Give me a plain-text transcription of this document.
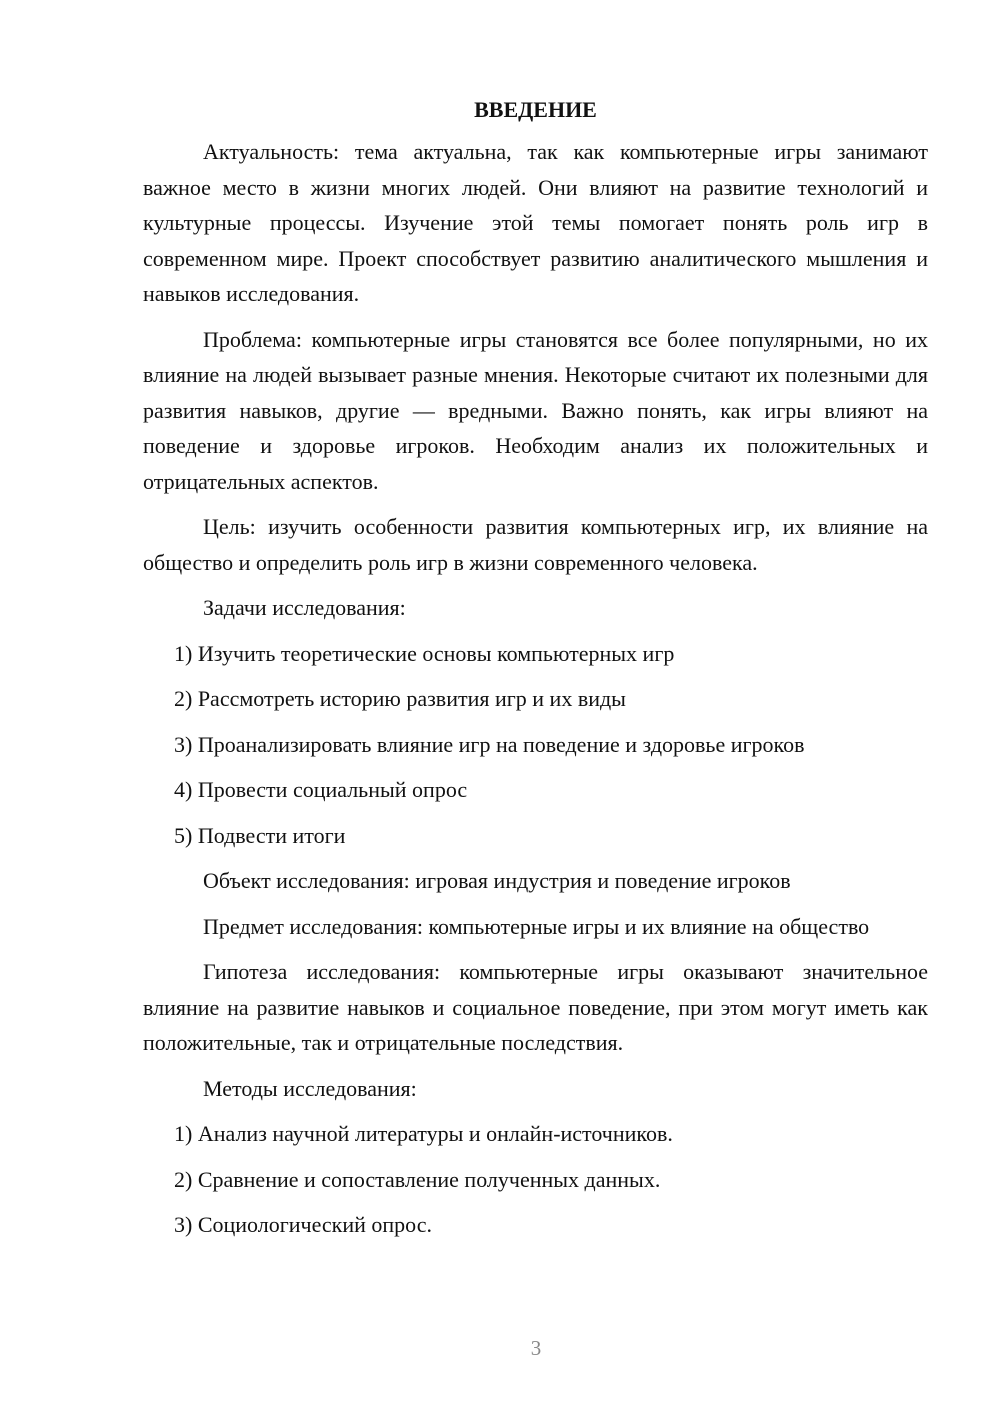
ВВЕДЕНИЕ

Актуальность: тема актуальна, так как компьютерные игры занимают важное место в жизни многих людей. Они влияют на развитие технологий и культурные процессы. Изучение этой темы помогает понять роль игр в современном мире. Проект способствует развитию аналитического мышления и навыков исследования.

Проблема: компьютерные игры становятся все более популярными, но их влияние на людей вызывает разные мнения. Некоторые считают их полезными для развития навыков, другие — вредными. Важно понять, как игры влияют на поведение и здоровье игроков. Необходим анализ их положительных и отрицательных аспектов.

Цель: изучить особенности развития компьютерных игр, их влияние на общество и определить роль игр в жизни современного человека.

Задачи исследования:

1) Изучить теоретические основы компьютерных игр

2) Рассмотреть историю развития игр и их виды

3) Проанализировать влияние игр на поведение и здоровье игроков

4) Провести социальный опрос

5) Подвести итоги

Объект исследования: игровая индустрия и поведение игроков

Предмет исследования: компьютерные игры и их влияние на общество

Гипотеза исследования: компьютерные игры оказывают значительное влияние на развитие навыков и социальное поведение, при этом могут иметь как положительные, так и отрицательные последствия.

Методы исследования:

1) Анализ научной литературы и онлайн-источников.

2) Сравнение и сопоставление полученных данных.

3) Социологический опрос.

3
